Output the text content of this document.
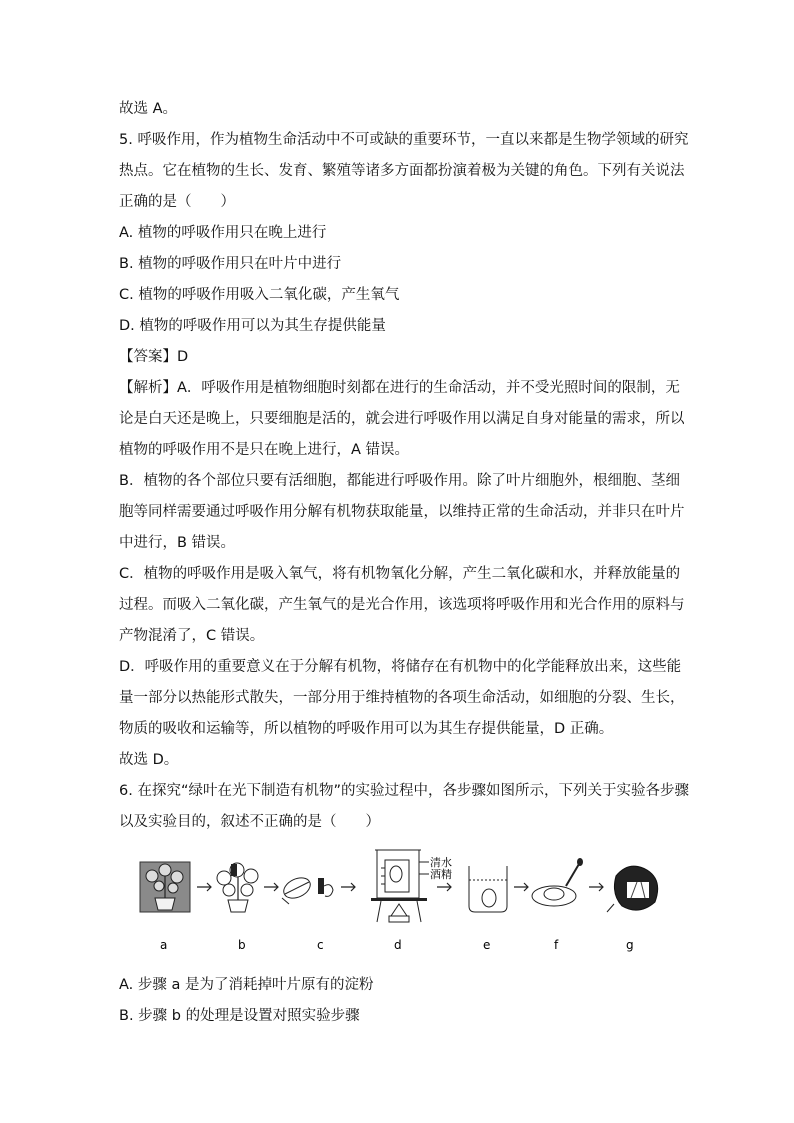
故选 A。

5. 呼吸作用，作为植物生命活动中不可或缺的重要环节，一直以来都是生物学领域的研究

热点。它在植物的生长、发育、繁殖等诸多方面都扮演着极为关键的角色。下列有关说法

正确的是（　　）

A. 植物的呼吸作用只在晚上进行

B. 植物的呼吸作用只在叶片中进行

C. 植物的呼吸作用吸入二氧化碳，产生氧气

D. 植物的呼吸作用可以为其生存提供能量

【答案】D

【解析】A．呼吸作用是植物细胞时刻都在进行的生命活动，并不受光照时间的限制，无

论是白天还是晚上，只要细胞是活的，就会进行呼吸作用以满足自身对能量的需求，所以

植物的呼吸作用不是只在晚上进行，A 错误。

B．植物的各个部位只要有活细胞，都能进行呼吸作用。除了叶片细胞外，根细胞、茎细

胞等同样需要通过呼吸作用分解有机物获取能量，以维持正常的生命活动，并非只在叶片

中进行，B 错误。

C．植物的呼吸作用是吸入氧气，将有机物氧化分解，产生二氧化碳和水，并释放能量的

过程。而吸入二氧化碳，产生氧气的是光合作用，该选项将呼吸作用和光合作用的原料与

产物混淆了，C 错误。

D．呼吸作用的重要意义在于分解有机物，将储存在有机物中的化学能释放出来，这些能

量一部分以热能形式散失，一部分用于维持植物的各项生命活动，如细胞的分裂、生长，

物质的吸收和运输等，所以植物的呼吸作用可以为其生存提供能量，D 正确。

故选 D。

6. 在探究“绿叶在光下制造有机物”的实验过程中，各步骤如图所示，下列关于实验各步骤

以及实验目的，叙述不正确的是（　　）

清水
酒精
a	b	c	d	e	f	g

A. 步骤 a 是为了消耗掉叶片原有的淀粉

B. 步骤 b 的处理是设置对照实验步骤
